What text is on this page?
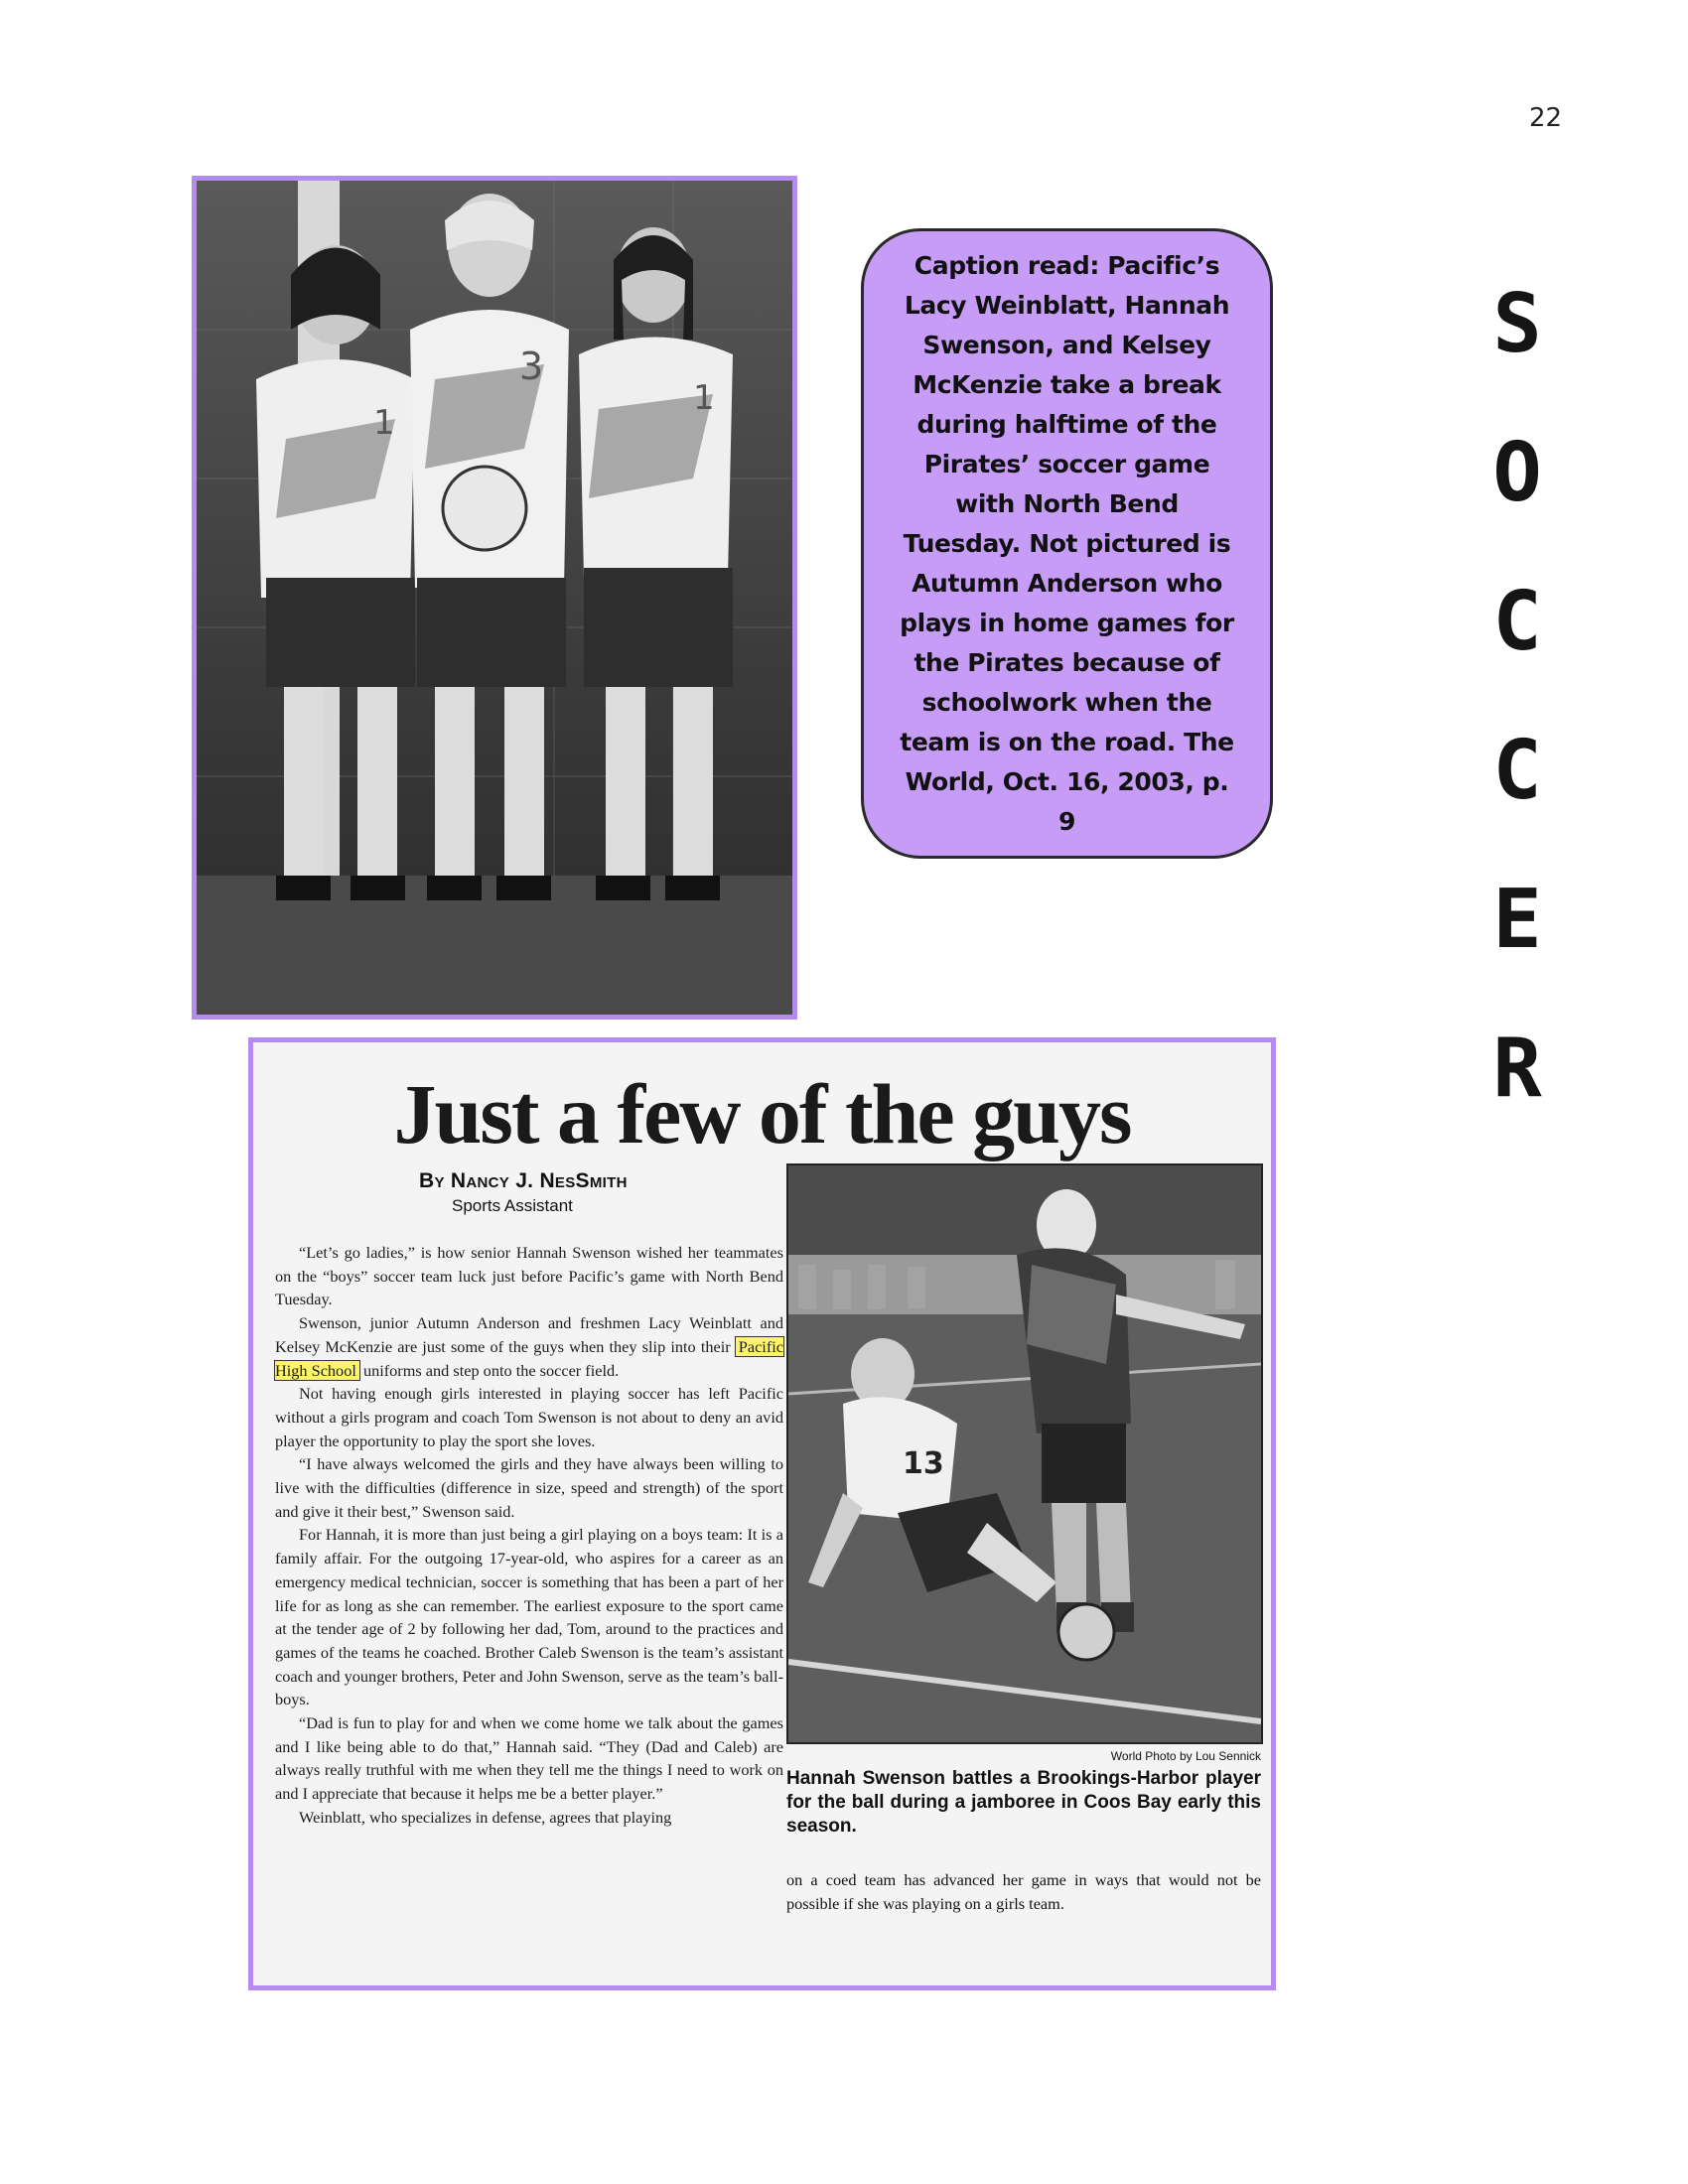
22
1
3
1
Caption read: Pacific’s Lacy Weinblatt, Hannah Swenson, and Kelsey McKenzie take a break during halftime of the Pirates’ soccer game with North Bend Tuesday. Not pictured is Autumn Anderson who plays in home games for the Pirates because of schoolwork when the team is on the road. The World, Oct. 16, 2003, p. 9
S
O
C
C
E
R
Just a few of the guys
By Nancy J. NesSmith
Sports Assistant

“Let’s go ladies,” is how senior Hannah Swenson wished her teammates on the “boys” soccer team luck just before Pacific’s game with North Bend Tuesday.

Swenson, junior Autumn Anderson and freshmen Lacy Weinblatt and Kelsey McKenzie are just some of the guys when they slip into their Pacific High School uniforms and step onto the soccer field.

Not having enough girls interested in playing soccer has left Pacific without a girls program and coach Tom Swenson is not about to deny an avid player the opportunity to play the sport she loves.

“I have always welcomed the girls and they have always been willing to live with the difficulties (difference in size, speed and strength) of the sport and give it their best,” Swenson said.

For Hannah, it is more than just being a girl playing on a boys team: It is a family affair. For the outgoing 17-year-old, who aspires for a career as an emergency medical technician, soccer is something that has been a part of her life for as long as she can remember. The earliest exposure to the sport came at the tender age of 2 by following her dad, Tom, around to the practices and games of the teams he coached. Brother Caleb Swenson is the team’s assistant coach and younger brothers, Peter and John Swenson, serve as the team’s ball-boys.

“Dad is fun to play for and when we come home we talk about the games and I like being able to do that,” Hannah said. “They (Dad and Caleb) are always really truthful with me when they tell me the things I need to work on and I appreciate that because it helps me be a better player.”

Weinblatt, who specializes in defense, agrees that playing

13
World Photo by Lou Sennick
Hannah Swenson battles a Brookings-Harbor player for the ball during a jamboree in Coos Bay early this season.
on a coed team has advanced her game in ways that would not be possible if she was playing on a girls team.
